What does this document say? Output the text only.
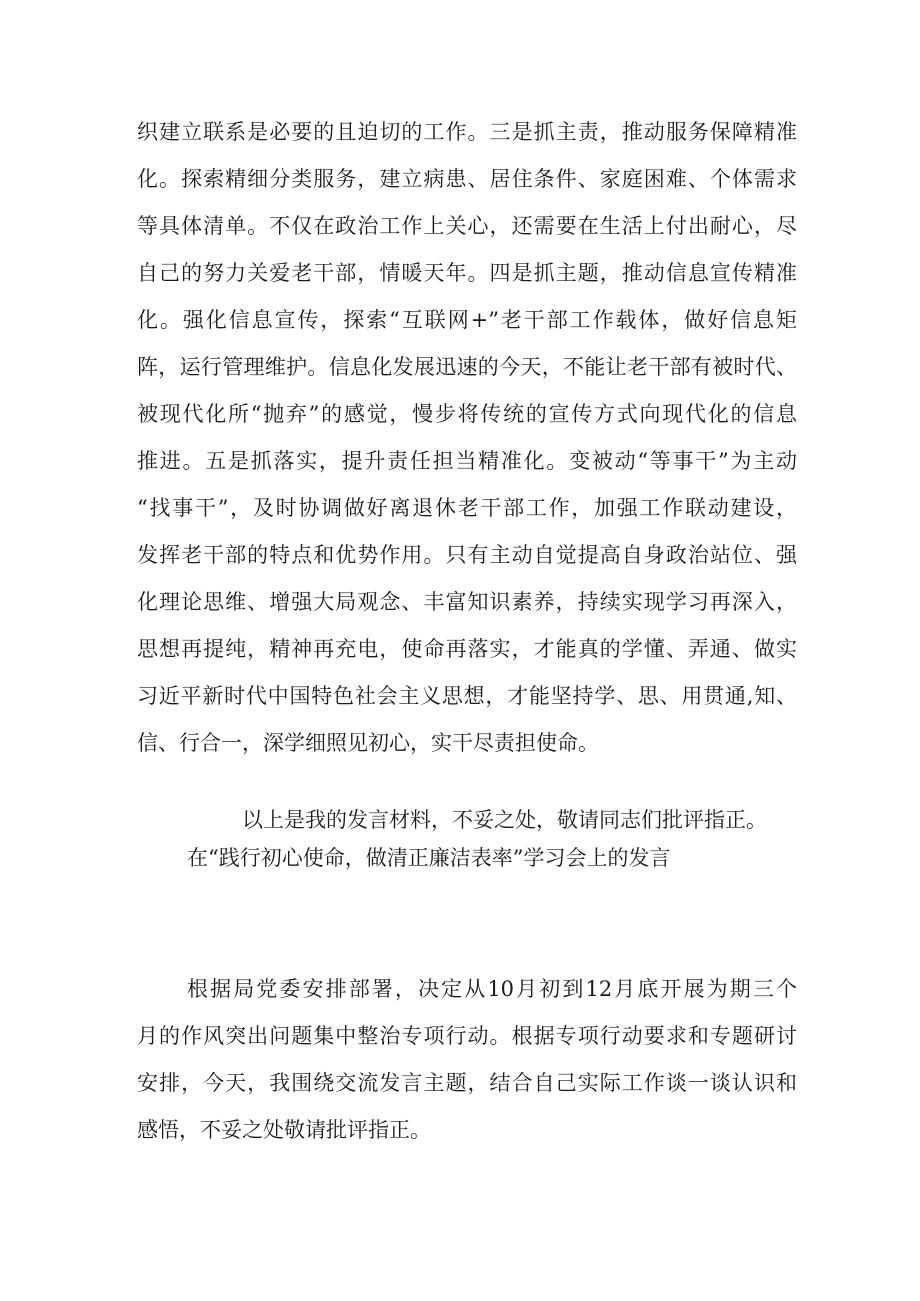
织建立联系是必要的且迫切的工作。三是抓主责，推动服务保障精准
化。探索精细分类服务，建立病患、居住条件、家庭困难、个体需求
等具体清单。不仅在政治工作上关心，还需要在生活上付出耐心，尽
自己的努力关爱老干部，情暖天年。四是抓主题，推动信息宣传精准
化。强化信息宣传，探索“互联网+”老干部工作载体，做好信息矩
阵，运行管理维护。信息化发展迅速的今天，不能让老干部有被时代、
被现代化所“抛弃”的感觉，慢步将传统的宣传方式向现代化的信息
推进。五是抓落实，提升责任担当精准化。变被动“等事干”为主动
“找事干”，及时协调做好离退休老干部工作，加强工作联动建设，
发挥老干部的特点和优势作用。只有主动自觉提高自身政治站位、强
化理论思维、增强大局观念、丰富知识素养，持续实现学习再深入，
思想再提纯，精神再充电，使命再落实，才能真的学懂、弄通、做实
习近平新时代中国特色社会主义思想，才能坚持学、思、用贯通,知、
信、行合一，深学细照见初心，实干尽责担使命。
以上是我的发言材料，不妥之处，敬请同志们批评指正。
在“践行初心使命，做清正廉洁表率”学习会上的发言
根据局党委安排部署，决定从10月初到12月底开展为期三个
月的作风突出问题集中整治专项行动。根据专项行动要求和专题研讨
安排，今天，我围绕交流发言主题，结合自己实际工作谈一谈认识和
感悟，不妥之处敬请批评指正。
